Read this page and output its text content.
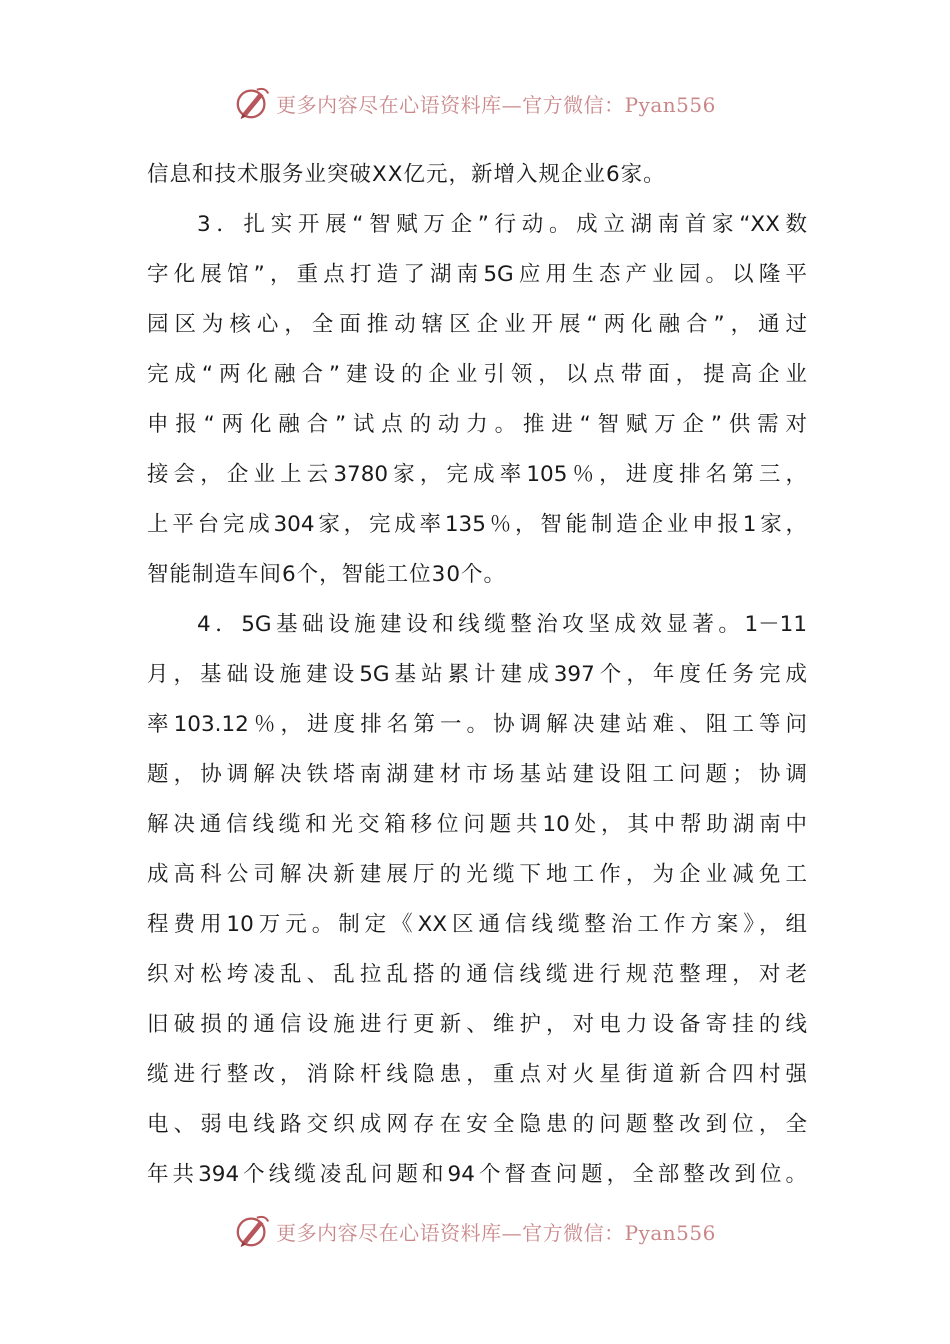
更多内容尽在心语资料库—官方微信：Pyan556
信息和技术服务业突破XX亿元，新增入规企业6家。
3．扎实开展“智赋万企”行动。成立湖南首家“XX数
字化展馆”，重点打造了湖南5G应用生态产业园。以隆平
园区为核心，全面推动辖区企业开展“两化融合”，通过
完成“两化融合”建设的企业引领，以点带面，提高企业
申报“两化融合”试点的动力。推进“智赋万企”供需对
接会，企业上云3780家，完成率105％，进度排名第三，
上平台完成304家，完成率135％，智能制造企业申报1家，
智能制造车间6个，智能工位30个。
4．5G基础设施建设和线缆整治攻坚成效显著。1－11
月，基础设施建设5G基站累计建成397个，年度任务完成
率103.12％，进度排名第一。协调解决建站难、阻工等问
题，协调解决铁塔南湖建材市场基站建设阻工问题；协调
解决通信线缆和光交箱移位问题共10处，其中帮助湖南中
成高科公司解决新建展厅的光缆下地工作，为企业减免工
程费用10万元。制定《XX区通信线缆整治工作方案》，组
织对松垮凌乱、乱拉乱搭的通信线缆进行规范整理，对老
旧破损的通信设施进行更新、维护，对电力设备寄挂的线
缆进行整改，消除杆线隐患，重点对火星街道新合四村强
电、弱电线路交织成网存在安全隐患的问题整改到位，全
年共394个线缆凌乱问题和94个督查问题，全部整改到位。
更多内容尽在心语资料库—官方微信：Pyan556
